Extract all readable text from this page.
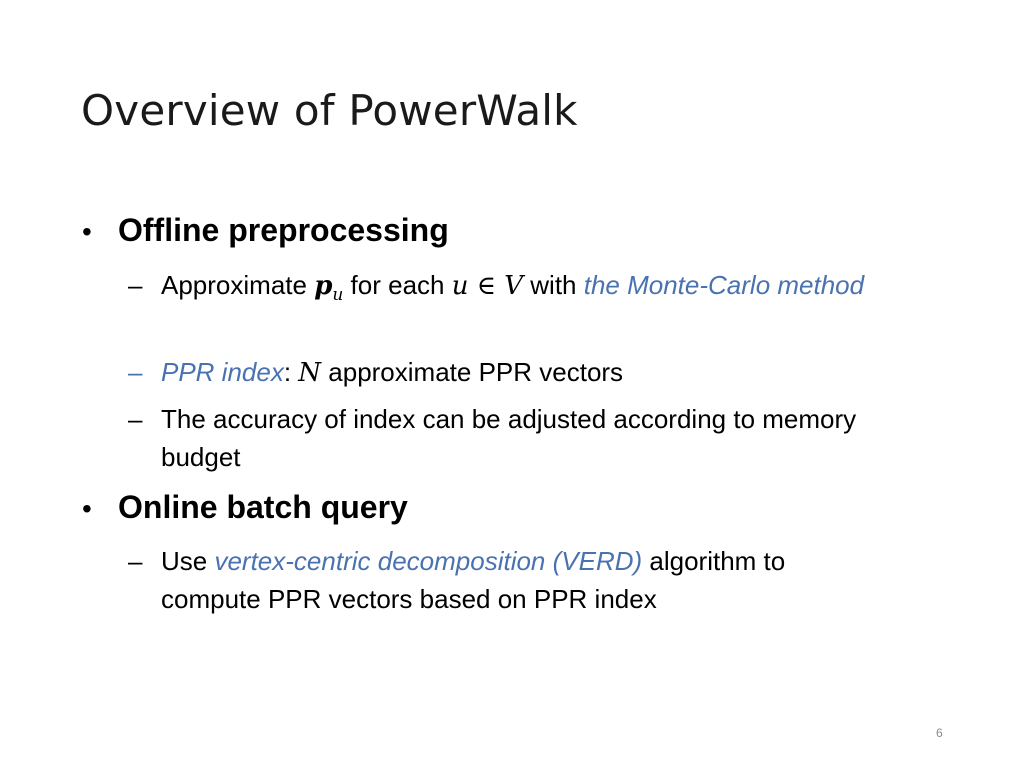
Overview of PowerWalk
• Offline preprocessing
– Approximate $p_u$ for each u ∈ V with the Monte-Carlo method
– PPR index: N approximate PPR vectors
– The accuracy of index can be adjusted according to memory budget
• Online batch query
– Use vertex-centric decomposition (VERD) algorithm to compute PPR vectors based on PPR index
6
